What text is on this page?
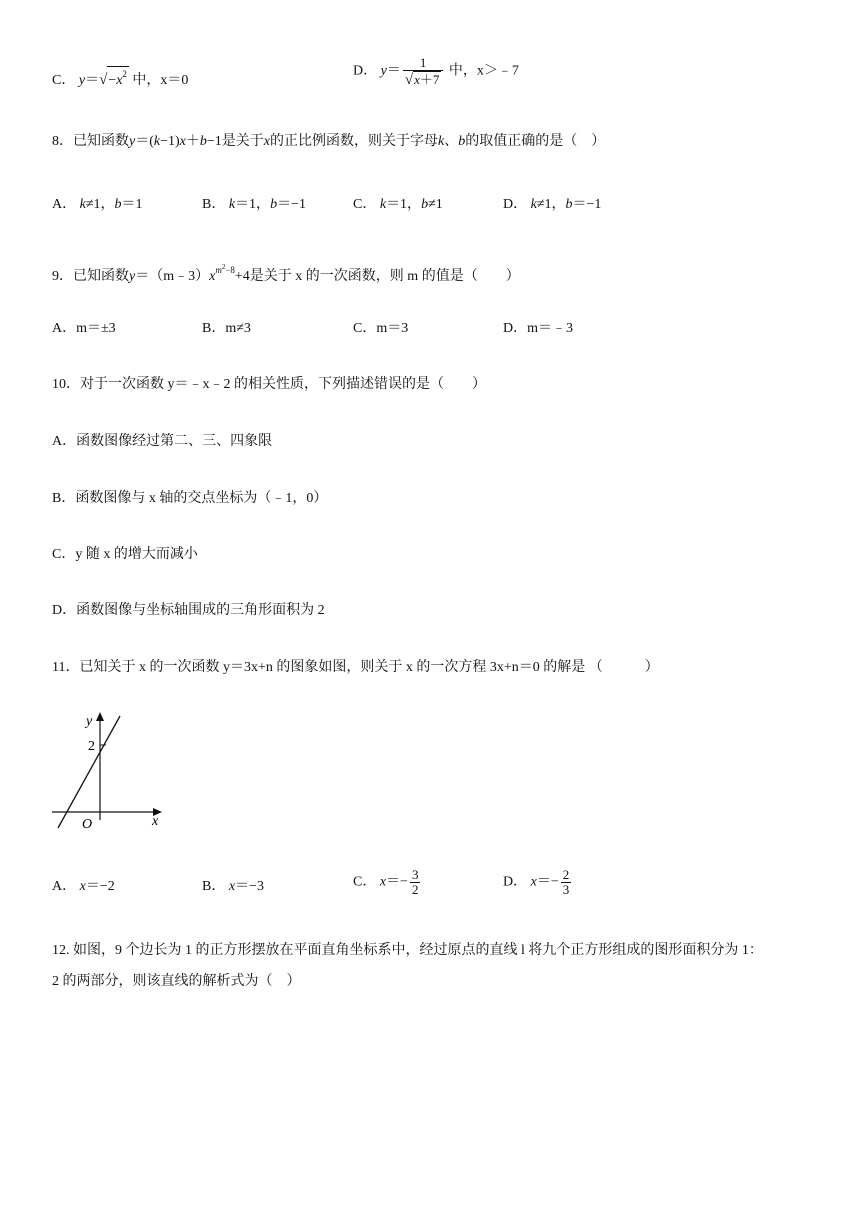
C． $y=√-x^2$ 中，x＝0
D． $y= \frac{1}{√x+7}$ 中，x＞﹣7
8．已知函数y＝(k−1)x＋b−1是关于x的正比例函数，则关于字母k、b的取值正确的是（　）
A． k≠1，b＝1	B． k＝1，b＝−1	C． k＝1，b≠1	D． k≠1，b＝−1
9．已知函数$y=(m﹣3)x^{m^2-8}+4$是关于 x 的一次函数，则 m 的值是（　　）
A．m＝±3	B．m≠3	C．m＝3	D．m＝﹣3
10．对于一次函数 y＝﹣x﹣2 的相关性质，下列描述错误的是（　　）
A．函数图像经过第二、三、四象限
B．函数图像与 x 轴的交点坐标为（﹣1，0）
C．y 随 x 的增大而减小
D．函数图像与坐标轴围成的三角形面积为 2
11．已知关于 x 的一次函数 y＝3x+n 的图象如图，则关于 x 的一次方程 3x+n＝0 的解是 （　　　）
y
2
O	x
A． x＝−2	B． x＝−3	C． $x=- \frac{3}{2}$	D． $x=- \frac{2}{3}$
12. 如图，9 个边长为 1 的正方形摆放在平面直角坐标系中，经过原点的直线 l 将九个正方形组成的图形面积分为 1：
2 的两部分，则该直线的解析式为（　）
